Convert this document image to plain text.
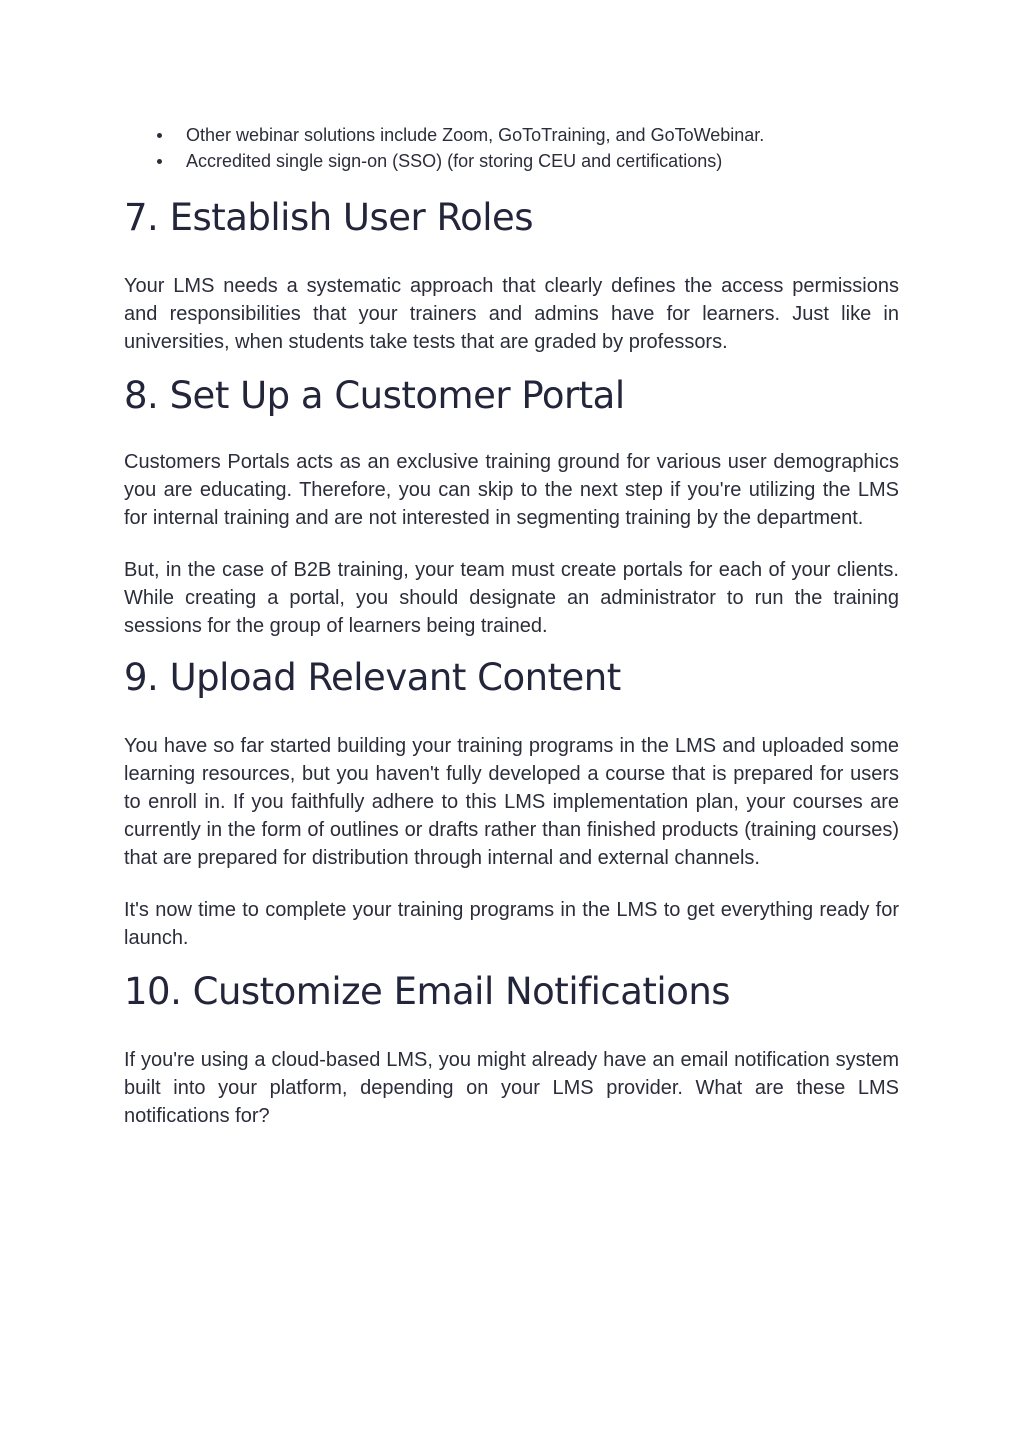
Other webinar solutions include Zoom, GoToTraining, and GoToWebinar.
Accredited single sign-on (SSO) (for storing CEU and certifications)
7. Establish User Roles

Your LMS needs a systematic approach that clearly defines the access permissions and responsibilities that your trainers and admins have for learners. Just like in universities, when students take tests that are graded by professors.

8. Set Up a Customer Portal

Customers Portals acts as an exclusive training ground for various user demographics you are educating. Therefore, you can skip to the next step if you're utilizing the LMS for internal training and are not interested in segmenting training by the department.

But, in the case of B2B training, your team must create portals for each of your clients. While creating a portal, you should designate an administrator to run the training sessions for the group of learners being trained.

9. Upload Relevant Content

You have so far started building your training programs in the LMS and uploaded some learning resources, but you haven't fully developed a course that is prepared for users to enroll in. If you faithfully adhere to this LMS implementation plan, your courses are currently in the form of outlines or drafts rather than finished products (training courses) that are prepared for distribution through internal and external channels.

It's now time to complete your training programs in the LMS to get everything ready for launch.

10. Customize Email Notifications

If you're using a cloud-based LMS, you might already have an email notification system built into your platform, depending on your LMS provider. What are these LMS notifications for?
